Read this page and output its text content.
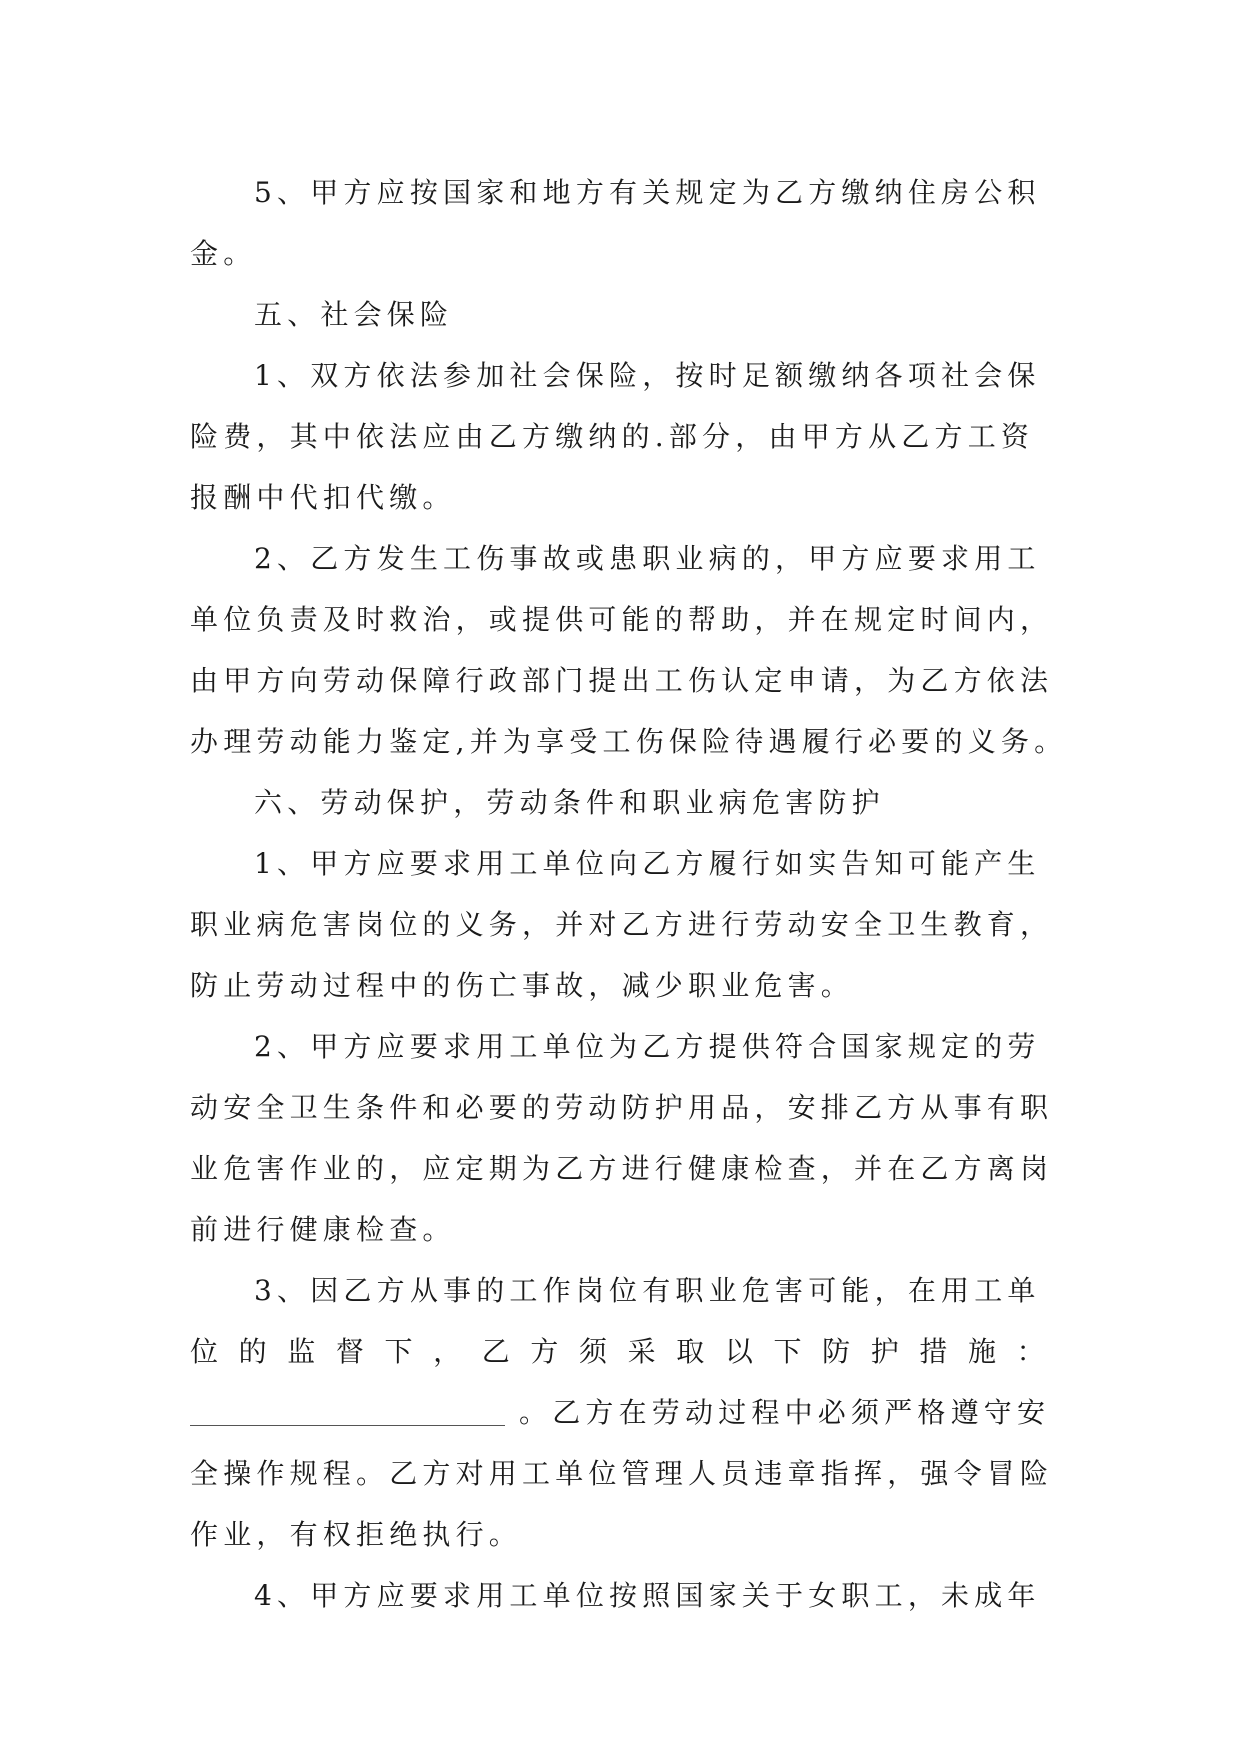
5、甲方应按国家和地方有关规定为乙方缴纳住房公积
金。

五、社会保险

1、双方依法参加社会保险，按时足额缴纳各项社会保
险费，其中依法应由乙方缴纳的.部分，由甲方从乙方工资
报酬中代扣代缴。

2、乙方发生工伤事故或患职业病的，甲方应要求用工
单位负责及时救治，或提供可能的帮助，并在规定时间内，
由甲方向劳动保障行政部门提出工伤认定申请，为乙方依法
办理劳动能力鉴定,并为享受工伤保险待遇履行必要的义务。

六、劳动保护，劳动条件和职业病危害防护

1、甲方应要求用工单位向乙方履行如实告知可能产生
职业病危害岗位的义务，并对乙方进行劳动安全卫生教育，
防止劳动过程中的伤亡事故，减少职业危害。

2、甲方应要求用工单位为乙方提供符合国家规定的劳
动安全卫生条件和必要的劳动防护用品，安排乙方从事有职
业危害作业的，应定期为乙方进行健康检查，并在乙方离岗
前进行健康检查。

3、因乙方从事的工作岗位有职业危害可能，在用工单
位 的 监 督 下 ， 乙 方 须 采 取 以 下 防 护 措 施 ：
。乙方在劳动过程中必须严格遵守安
全操作规程。乙方对用工单位管理人员违章指挥，强令冒险
作业，有权拒绝执行。

4、甲方应要求用工单位按照国家关于女职工，未成年
